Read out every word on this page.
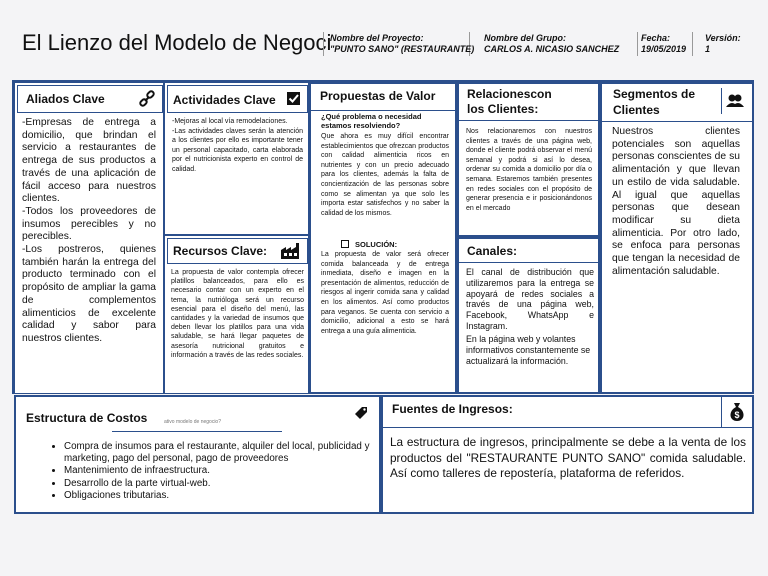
El Lienzo del Modelo de Negoci
Nombre del Proyecto:
"PUNTO SANO" (RESTAURANTE)
Nombre del Grupo:
CARLOS A. NICASIO SANCHEZ
Fecha:
19/05/2019
Versión:
1
Aliados Clave
-Empresas de entrega a domicilio, que brindan el servicio a restaurantes de entrega de sus productos a través de una aplicación de fácil acceso para nuestros clientes.
-Todos los proveedores de insumos perecibles y no perecibles.
-Los postreros, quienes también harán la entrega del producto terminado con el propósito de ampliar la gama de complementos alimenticios de excelente calidad y sabor para nuestros clientes.
Actividades Clave
-Mejoras al local vía remodelaciones.
-Las actividades claves serán la atención a los clientes por ello es importante tener un personal capacitado, carta elaborada por el nutricionista experto en control de calidad.
Recursos Clave:
La propuesta de valor contempla ofrecer platillos balanceados, para ello es necesario contar con un experto en el tema, la nutrióloga será un recurso esencial para el diseño del menú, las cantidades y la variedad de insumos que deben llevar los platillos para una vida saludable, se hará llegar paquetes de asesoría nutricional gratuitos e información a través de las redes sociales.
Propuestas de Valor
¿Qué problema o necesidad estamos resolviendo?
Que ahora es muy difícil encontrar establecimientos que ofrezcan productos con calidad alimenticia ricos en nutrientes y con un precio adecuado para los clientes, además la falta de concientización de las personas sobre como se alimentan ya que solo les importa estar satisfechos y no saber la calidad de los mismos.
SOLUCIÓN:
La propuesta de valor será ofrecer comida balanceada y de entrega inmediata, diseño e imagen en la presentación de alimentos, reducción de riesgos al ingerir comida sana y calidad en los alimentos. Así como productos para veganos. Se cuenta con servicio a domicilio, adicional a esto se hará entrega a una guía alimenticia.
Relacionescon los Clientes:
Nos relacionaremos con nuestros clientes a través de una página web, donde el cliente podrá observar el menú semanal y podrá si así lo desea, ordenar su comida a domicilio por día o semana. Estaremos también presentes en redes sociales con el propósito de generar presencia e ir posicionándonos en el mercado
Canales:
El canal de distribución que utilizaremos para la entrega se apoyará de redes sociales a través de una página web, Facebook, WhatsApp e Instagram.
En la página web y volantes informativos constantemente se actualizará la información.
Segmentos de Clientes
Nuestros clientes potenciales son aquellas personas conscientes de su alimentación y que llevan un estilo de vida saludable. Al igual que aquellas personas que desean modificar su dieta alimenticia. Por otro lado, se enfoca para personas que tengan la necesidad de alimentación saludable.
Estructura de Costos	ativo modelo de negocio?
• Compra de insumos para el restaurante, alquiler del local, publicidad y marketing, pago del personal, pago de proveedores
• Mantenimiento de infraestructura.
• Desarrollo de la parte virtual-web.
• Obligaciones tributarias.
Fuentes de Ingresos:	$
La estructura de ingresos, principalmente se debe a la venta de los productos del "RESTAURANTE PUNTO SANO" comida saludable. Así como talleres de repostería, plataforma de referidos.
